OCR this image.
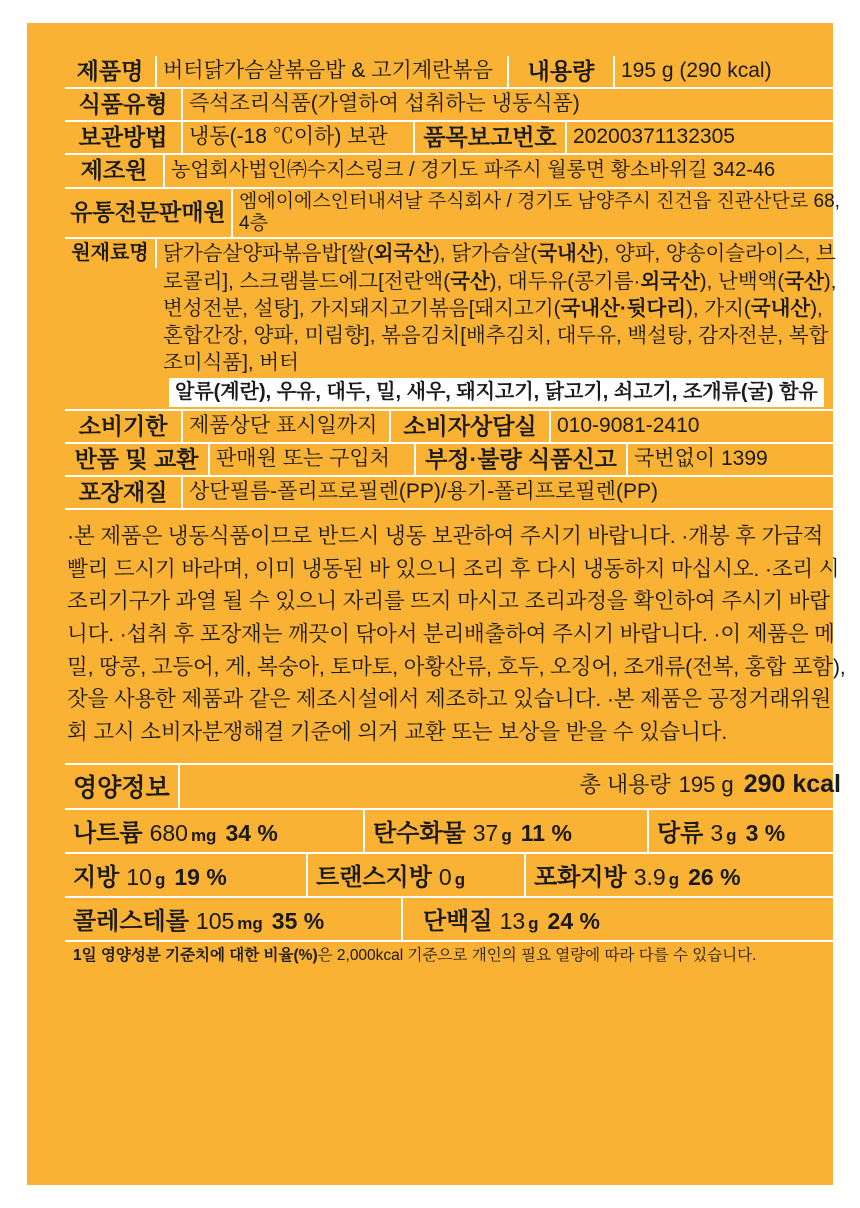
제품명 버터닭가슴살볶음밥 & 고기계란볶음	내용량	195 g (290 kcal)
식품유형	즉석조리식품(가열하여 섭취하는 냉동식품)
보관방법	냉동(-18 ℃이하) 보관	품목보고번호 20200371132305
제조원	농업회사법인㈜수지스링크 / 경기도 파주시 월롱면 황소바위길 342-46
유통전문판매원 엠에이에스인터내셔날 주식회사 / 경기도 남양주시 진건읍 진관산단로 68, 4층
원재료명 닭가슴살양파볶음밥[쌀(외국산), 닭가슴살(국내산), 양파, 양송이슬라이스, 브로콜리], 스크램블드에그[전란액(국산), 대두유(콩기름·외국산), 난백액(국산), 변성전분, 설탕], 가지돼지고기볶음[돼지고기(국내산·뒷다리), 가지(국내산), 혼합간장, 양파, 미림향], 볶음김치[배추김치, 대두유, 백설탕, 감자전분, 복합조미식품], 버터
알류(계란), 우유, 대두, 밀, 새우, 돼지고기, 닭고기, 쇠고기, 조개류(굴) 함유
소비기한	제품상단 표시일까지	소비자상담실 010-9081-2410
반품 및 교환 판매원 또는 구입처	부정·불량 식품신고 국번없이 1399
포장재질	상단필름-폴리프로필렌(PP)/용기-폴리프로필렌(PP)
·본 제품은 냉동식품이므로 반드시 냉동 보관하여 주시기 바랍니다. ·개봉 후 가급적 빨리 드시기 바라며, 이미 냉동된 바 있으니 조리 후 다시 냉동하지 마십시오. ·조리 시 조리기구가 과열 될 수 있으니 자리를 뜨지 마시고 조리과정을 확인하여 주시기 바랍니다. ·섭취 후 포장재는 깨끗이 닦아서 분리배출하여 주시기 바랍니다. ·이 제품은 메밀, 땅콩, 고등어, 게, 복숭아, 토마토, 아황산류, 호두, 오징어, 조개류(전복, 홍합 포함), 잣을 사용한 제품과 같은 제조시설에서 제조하고 있습니다. ·본 제품은 공정거래위원회 고시 소비자분쟁해결 기준에 의거 교환 또는 보상을 받을 수 있습니다.
영양정보	총 내용량 195 g 290 kcal
나트륨 680 mg 34 %	탄수화물 37 g 11 %	당류 3 g 3 %
지방 10 g 19 %	트랜스지방 0 g	포화지방 3.9 g 26 %
콜레스테롤 105 mg 35 %	단백질 13 g 24 %
1일 영양성분 기준치에 대한 비율(%)은 2,000kcal 기준으로 개인의 필요 열량에 따라 다를 수 있습니다.
